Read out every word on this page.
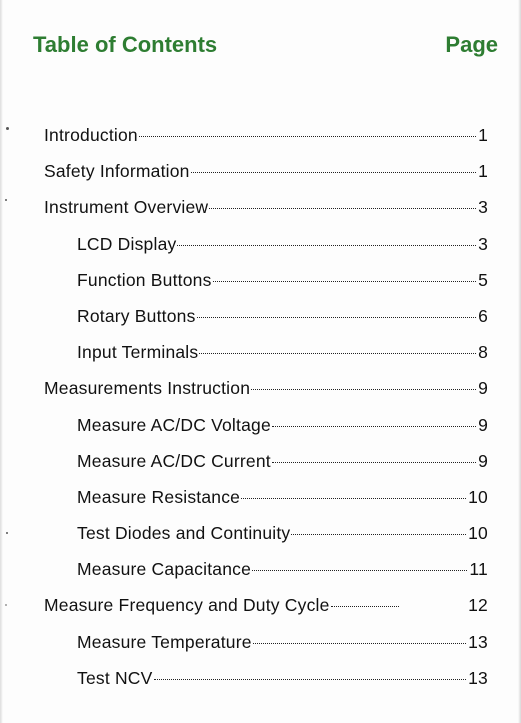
Table of Contents	Page
Introduction	1
Safety Information	1
Instrument Overview	3
LCD Display	3
Function Buttons	5
Rotary Buttons	6
Input Terminals	8
Measurements Instruction	9
Measure AC/DC Voltage	9
Measure AC/DC Current	9
Measure Resistance	10
Test Diodes and Continuity	10
Measure Capacitance	11
Measure Frequency and Duty Cycle	12
Measure Temperature	13
Test NCV	13
